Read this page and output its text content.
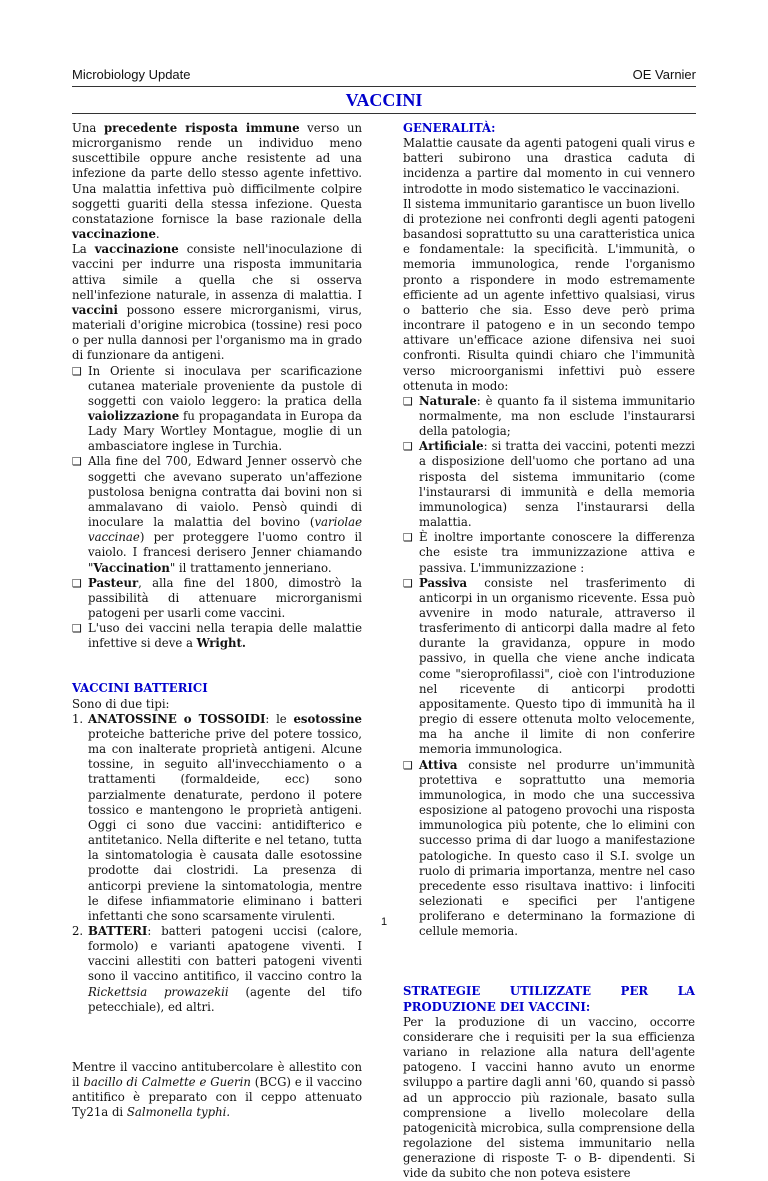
Microbiology Update	OE Varnier
VACCINI

Una precedente risposta immune verso un microrganismo rende un individuo meno suscettibile oppure anche resistente ad una infezione da parte dello stesso agente infettivo. Una malattia infettiva può difficilmente colpire soggetti guariti della stessa infezione. Questa constatazione fornisce la base razionale della vaccinazione.

La vaccinazione consiste nell'inoculazione di vaccini per indurre una risposta immunitaria attiva simile a quella che si osserva nell'infezione naturale, in assenza di malattia. I vaccini possono essere microrganismi, virus, materiali d'origine microbica (tossine) resi poco o per nulla dannosi per l'organismo ma in grado di funzionare da antigeni.

❑ In Oriente si inoculava per scarificazione cutanea materiale proveniente da pustole di soggetti con vaiolo leggero: la pratica della vaiolizzazione fu propagandata in Europa da Lady Mary Wortley Montague, moglie di un ambasciatore inglese in Turchia.
❑ Alla fine del 700, Edward Jenner osservò che soggetti che avevano superato un'affezione pustolosa benigna contratta dai bovini non si ammalavano di vaiolo. Pensò quindi di inoculare la malattia del bovino (variolae vaccinae) per proteggere l'uomo contro il vaiolo. I francesi derisero Jenner chiamando "Vaccination" il trattamento jenneriano.
❑ Pasteur, alla fine del 1800, dimostrò la passibilità di attenuare microrganismi patogeni per usarli come vaccini.
❑ L'uso dei vaccini nella terapia delle malattie infettive si deve a Wright.

VACCINI BATTERICI

Sono di due tipi:

1. ANATOSSINE o TOSSOIDI: le esotossine proteiche batteriche prive del potere tossico, ma con inalterate proprietà antigeni. Alcune tossine, in seguito all'invecchiamento o a trattamenti (formaldeide, ecc) sono parzialmente denaturate, perdono il potere tossico e mantengono le proprietà antigeni. Oggi ci sono due vaccini: antidifterico e antitetanico. Nella difterite e nel tetano, tutta la sintomatologia è causata dalle esotossine prodotte dai clostridi. La presenza di anticorpi previene la sintomatologia, mentre le difese infiammatorie eliminano i batteri infettanti che sono scarsamente virulenti.
2. BATTERI: batteri patogeni uccisi (calore, formolo) e varianti apatogene viventi. I vaccini allestiti con batteri patogeni viventi sono il vaccino antitifico, il vaccino contro la Rickettsia prowazekii (agente del tifo petecchiale), ed altri.

Mentre il vaccino antitubercolare è allestito con il bacillo di Calmette e Guerin (BCG) e il vaccino antitifico è preparato con il ceppo attenuato Ty21a di Salmonella typhi.

GENERALITÀ:

Malattie causate da agenti patogeni quali virus e batteri subirono una drastica caduta di incidenza a partire dal momento in cui vennero introdotte in modo sistematico le vaccinazioni.

Il sistema immunitario garantisce un buon livello di protezione nei confronti degli agenti patogeni basandosi soprattutto su una caratteristica unica e fondamentale: la specificità. L'immunità, o memoria immunologica, rende l'organismo pronto a rispondere in modo estremamente efficiente ad un agente infettivo qualsiasi, virus o batterio che sia. Esso deve però prima incontrare il patogeno e in un secondo tempo attivare un'efficace azione difensiva nei suoi confronti. Risulta quindi chiaro che l'immunità verso microorganismi infettivi può essere ottenuta in modo:

❑ Naturale: è quanto fa il sistema immunitario normalmente, ma non esclude l'instaurarsi della patologia;
❑ Artificiale: si tratta dei vaccini, potenti mezzi a disposizione dell'uomo che portano ad una risposta del sistema immunitario (come l'instaurarsi di immunità e della memoria immunologica) senza l'instaurarsi della malattia.
❑ È inoltre importante conoscere la differenza che esiste tra immunizzazione attiva e passiva. L'immunizzazione :
❑ Passiva consiste nel trasferimento di anticorpi in un organismo ricevente. Essa può avvenire in modo naturale, attraverso il trasferimento di anticorpi dalla madre al feto durante la gravidanza, oppure in modo passivo, in quella che viene anche indicata come "sieroprofilassi", cioè con l'introduzione nel ricevente di anticorpi prodotti appositamente. Questo tipo di immunità ha il pregio di essere ottenuta molto velocemente, ma ha anche il limite di non conferire memoria immunologica.
❑ Attiva consiste nel produrre un'immunità protettiva e soprattutto una memoria immunologica, in modo che una successiva esposizione al patogeno provochi una risposta immunologica più potente, che lo elimini con successo prima di dar luogo a manifestazione patologiche. In questo caso il S.I. svolge un ruolo di primaria importanza, mentre nel caso precedente esso risultava inattivo: i linfociti selezionati e specifici per l'antigene proliferano e determinano la formazione di cellule memoria.

STRATEGIE UTILIZZATE PER LA PRODUZIONE DEI VACCINI:

Per la produzione di un vaccino, occorre considerare che i requisiti per la sua efficienza variano in relazione alla natura dell'agente patogeno. I vaccini hanno avuto un enorme sviluppo a partire dagli anni '60, quando si passò ad un approccio più razionale, basato sulla comprensione a livello molecolare della patogenicità microbica, sulla comprensione della regolazione del sistema immunitario nella generazione di risposte T- o B- dipendenti. Si vide da subito che non poteva esistere

1
